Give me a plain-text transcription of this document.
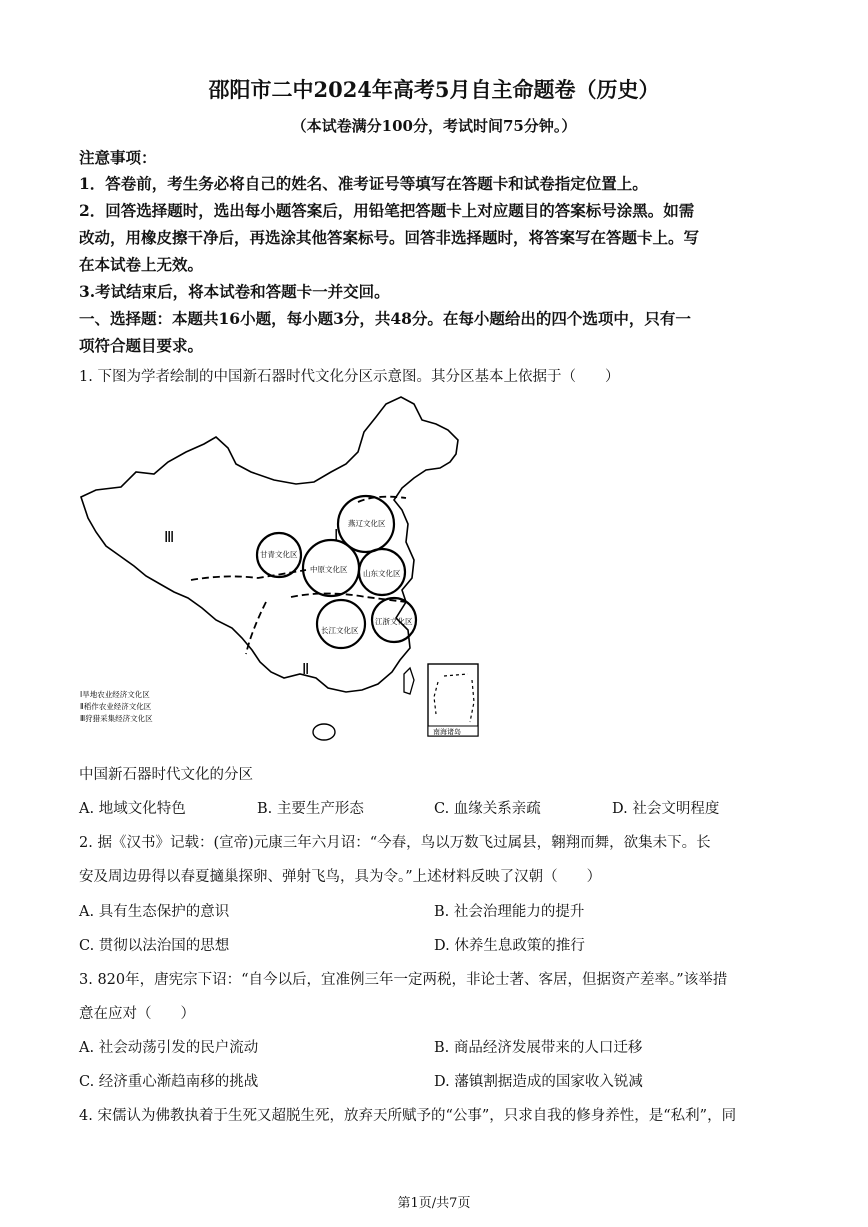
邵阳市二中2024年高考5月自主命题卷（历史）
（本试卷满分100分，考试时间75分钟。）
注意事项：
1．答卷前，考生务必将自己的姓名、准考证号等填写在答题卡和试卷指定位置上。
2．回答选择题时，选出每小题答案后，用铅笔把答题卡上对应题目的答案标号涂黑。如需
改动，用橡皮擦干净后，再选涂其他答案标号。回答非选择题时，将答案写在答题卡上。写
在本试卷上无效。
3.考试结束后，将本试卷和答题卡一并交回。
一、选择题：本题共16小题，每小题3分，共48分。在每小题给出的四个选项中，只有一
项符合题目要求。
1. 下图为学者绘制的中国新石器时代文化分区示意图。其分区基本上依据于（　　）
Ⅲ	Ⅰ
Ⅱ
燕辽文化区
甘青文化区
中原文化区 山东文化区
长江文化区
江浙文化区
Ⅰ旱地农业经济文化区
Ⅱ稻作农业经济文化区
Ⅲ狩猎采集经济文化区
南海诸岛
中国新石器时代文化的分区
A. 地域文化特色	B. 主要生产形态	C. 血缘关系亲疏	D. 社会文明程度
2. 据《汉书》记载：(宣帝)元康三年六月诏：“今春，鸟以万数飞过属县，翱翔而舞，欲集未下。长
安及周边毋得以春夏擿巢探卵、弹射飞鸟，具为令。”上述材料反映了汉朝（　　）
A. 具有生态保护的意识	B. 社会治理能力的提升
C. 贯彻以法治国的思想	D. 休养生息政策的推行
3. 820年，唐宪宗下诏：“自今以后，宜准例三年一定两税，非论士著、客居，但据资产差率。”该举措
意在应对（　　）
A. 社会动荡引发的民户流动	B. 商品经济发展带来的人口迁移
C. 经济重心渐趋南移的挑战	D. 藩镇割据造成的国家收入锐减
4. 宋儒认为佛教执着于生死又超脱生死，放弃天所赋予的“公事”，只求自我的修身养性，是“私利”，同
第1页/共7页
